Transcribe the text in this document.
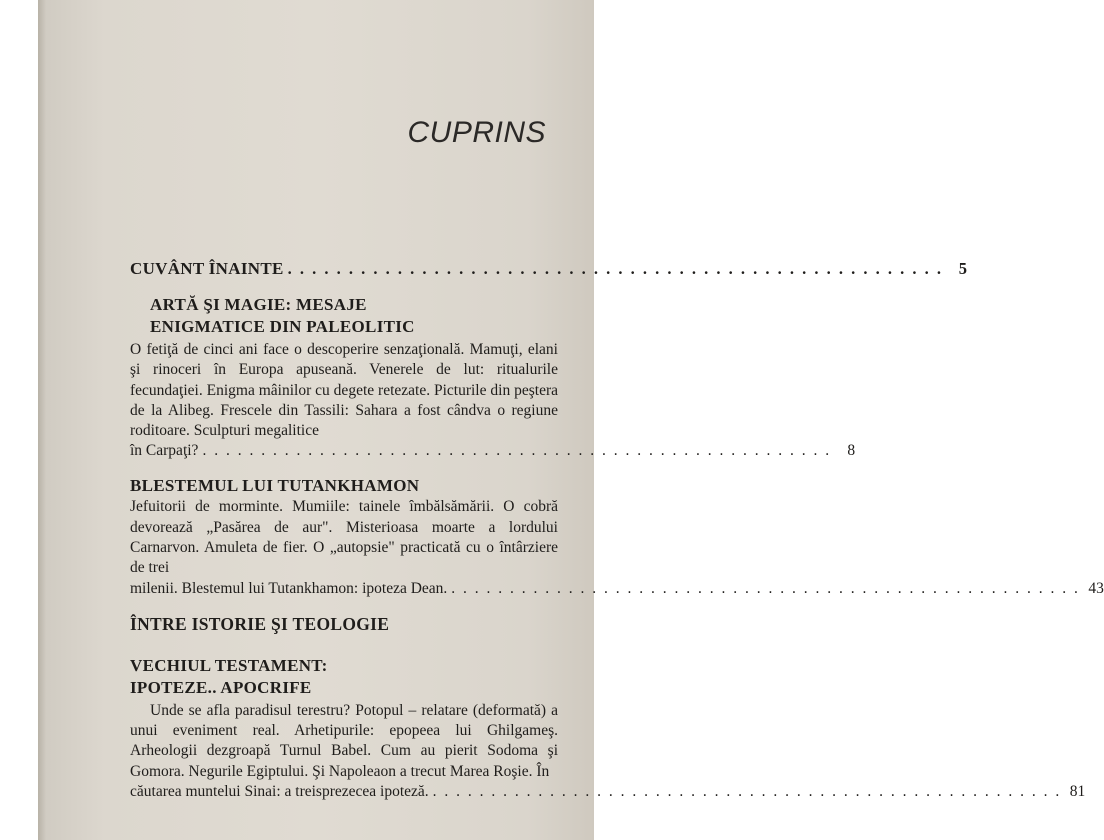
CUPRINS
CUVÂNT ÎNAINTE . . . . . . . . . . . . . . . . . . . . . . . . . . . . . . . . . . . . . . . . . . . . . . . . . . . . . . 5
ARTĂ ŞI MAGIE: MESAJE
ENIGMATICE DIN PALEOLITIC

O fetiţă de cinci ani face o descoperire senzaţională. Mamuţi, elani şi rinoceri în Europa apuseană. Venerele de lut: ritualurile fecundaţiei. Enigma mâinilor cu degete retezate. Picturile din peştera de la Alibeg. Frescele din Tassili: Sahara a fost cândva o regiune roditoare. Sculpturi megalitice

în Carpaţi? . . . . . . . . . . . . . . . . . . . . . . . . . . . . . . . . . . . . . . . . . . . . . . . . . . . . . .	8
BLESTEMUL LUI TUTANKHAMON

Jefuitorii de morminte. Mumiile: tainele îmbălsămării. O cobră devorează „Pasărea de aur". Misterioasa moarte a lordului Carnarvon. Amuleta de fier. O „autopsie" practicată cu o întârziere de trei

milenii. Blestemul lui Tutankhamon: ipoteza Dean. . . . . . . . . . . . . . . . . . . . . . . . . . . . . . . . . . . . . . . . . . . . . . . . . . . . . . . 43
ÎNTRE ISTORIE ŞI TEOLOGIE
VECHIUL TESTAMENT:
IPOTEZE.. APOCRIFE

Unde se afla paradisul terestru? Potopul – relatare (deformată) a unui eveniment real. Arhetipurile: epopeea lui Ghilgameş. Arheologii dezgroapă Turnul Babel. Cum au pierit Sodoma şi Gomora. Negurile Egiptului. Şi Napoleaon a trecut Marea Roşie. În

căutarea muntelui Sinai: a treisprezecea ipoteză. . . . . . . . . . . . . . . . . . . . . . . . . . . . . . . . . . . . . . . . . . . . . . . . . . . . . . . 81
